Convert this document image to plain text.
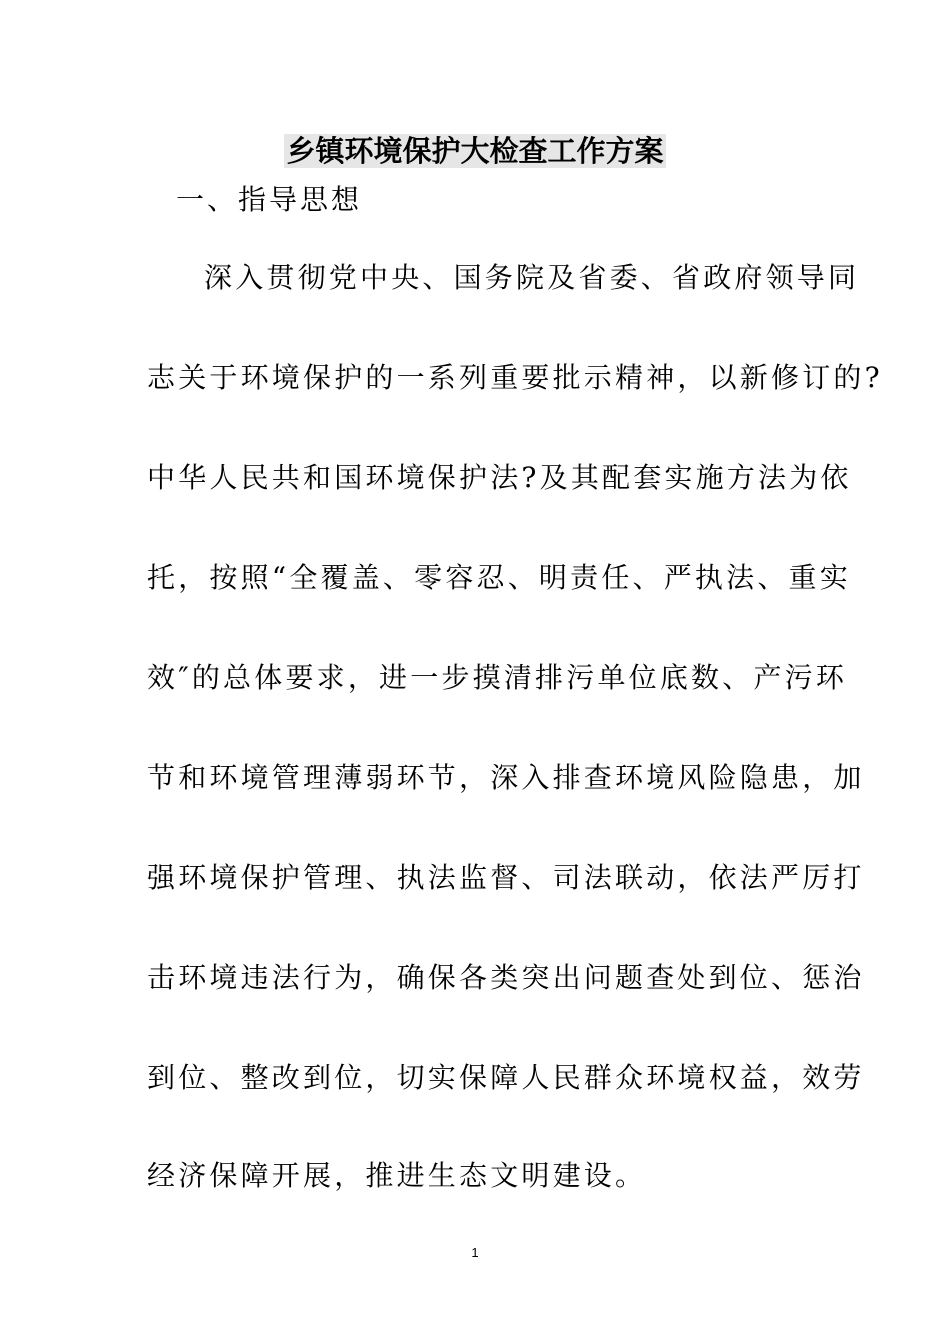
乡镇环境保护大检查工作方案
一、指导思想
深入贯彻党中央、国务院及省委、省政府领导同
志关于环境保护的一系列重要批示精神，以新修订的?
中华人民共和国环境保护法?及其配套实施方法为依
托，按照“全覆盖、零容忍、明责任、严执法、重实
效″的总体要求，进一步摸清排污单位底数、产污环
节和环境管理薄弱环节，深入排查环境风险隐患，加
强环境保护管理、执法监督、司法联动，依法严厉打
击环境违法行为，确保各类突出问题查处到位、惩治
到位、整改到位，切实保障人民群众环境权益，效劳
经济保障开展，推进生态文明建设。
1
